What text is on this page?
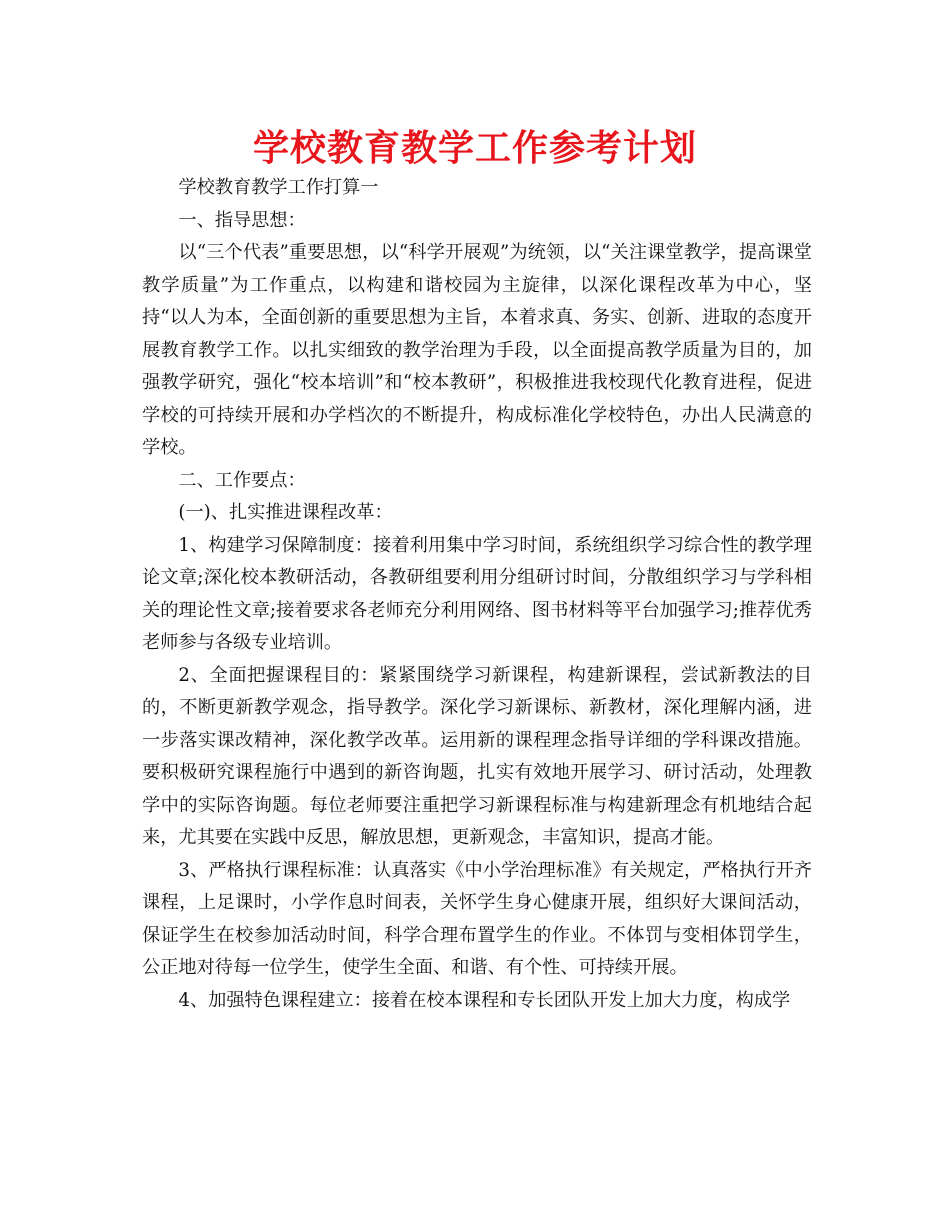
学校教育教学工作参考计划

学校教育教学工作打算一

一、指导思想：

以“三个代表”重要思想，以“科学开展观”为统领，以“关注课堂教学，提高课堂教学质量”为工作重点，以构建和谐校园为主旋律，以深化课程改革为中心，坚持“以人为本，全面创新的重要思想为主旨，本着求真、务实、创新、进取的态度开展教育教学工作。以扎实细致的教学治理为手段，以全面提高教学质量为目的，加强教学研究，强化“校本培训”和“校本教研”，积极推进我校现代化教育进程，促进学校的可持续开展和办学档次的不断提升，构成标准化学校特色，办出人民满意的学校。

二、工作要点：

(一)、扎实推进课程改革：

1、构建学习保障制度：接着利用集中学习时间，系统组织学习综合性的教学理论文章;深化校本教研活动，各教研组要利用分组研讨时间，分散组织学习与学科相关的理论性文章;接着要求各老师充分利用网络、图书材料等平台加强学习;推荐优秀老师参与各级专业培训。

2、全面把握课程目的：紧紧围绕学习新课程，构建新课程，尝试新教法的目的，不断更新教学观念，指导教学。深化学习新课标、新教材，深化理解内涵，进一步落实课改精神，深化教学改革。运用新的课程理念指导详细的学科课改措施。要积极研究课程施行中遇到的新咨询题，扎实有效地开展学习、研讨活动，处理教学中的实际咨询题。每位老师要注重把学习新课程标准与构建新理念有机地结合起来，尤其要在实践中反思，解放思想，更新观念，丰富知识，提高才能。

3、严格执行课程标准：认真落实《中小学治理标准》有关规定，严格执行开齐课程，上足课时，小学作息时间表，关怀学生身心健康开展，组织好大课间活动，保证学生在校参加活动时间，科学合理布置学生的作业。不体罚与变相体罚学生，公正地对待每一位学生，使学生全面、和谐、有个性、可持续开展。

4、加强特色课程建立：接着在校本课程和专长团队开发上加大力度，构成学
